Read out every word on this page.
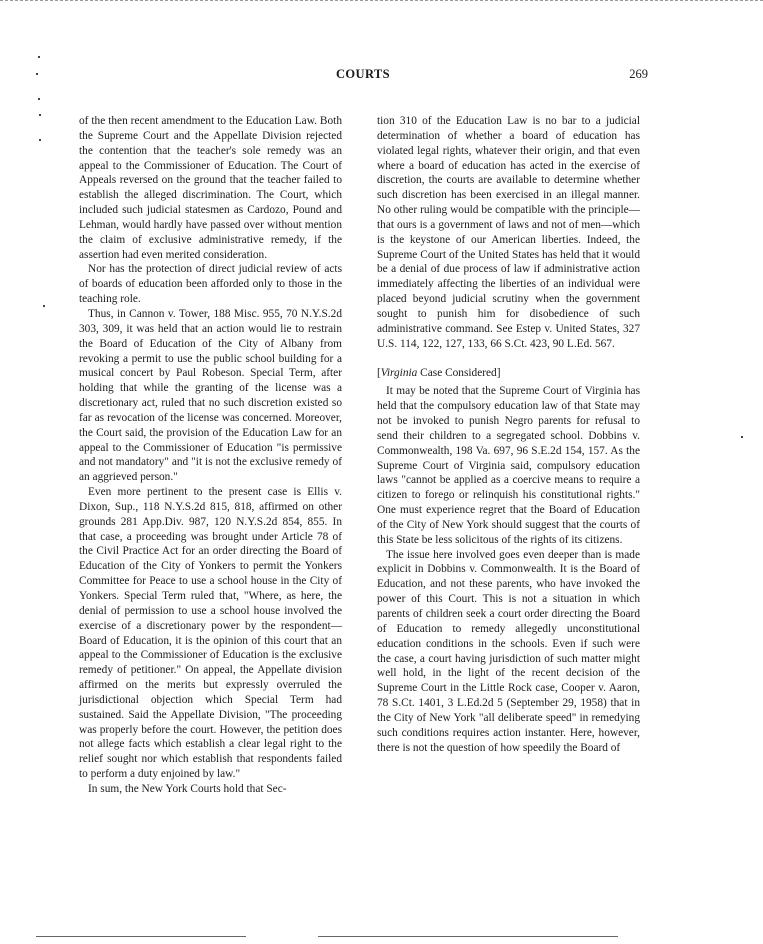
COURTS	269

of the then recent amendment to the Education Law. Both the Supreme Court and the Appellate Division rejected the contention that the teacher's sole remedy was an appeal to the Commissioner of Education. The Court of Appeals reversed on the ground that the teacher failed to establish the alleged discrimination. The Court, which included such judicial statesmen as Cardozo, Pound and Lehman, would hardly have passed over without mention the claim of exclusive administrative remedy, if the assertion had even merited consideration.

Nor has the protection of direct judicial review of acts of boards of education been afforded only to those in the teaching role.

Thus, in Cannon v. Tower, 188 Misc. 955, 70 N.Y.S.2d 303, 309, it was held that an action would lie to restrain the Board of Education of the City of Albany from revoking a permit to use the public school building for a musical concert by Paul Robeson. Special Term, after holding that while the granting of the license was a discretionary act, ruled that no such discretion existed so far as revocation of the license was concerned. Moreover, the Court said, the provision of the Education Law for an appeal to the Commissioner of Education "is permissive and not mandatory" and "it is not the exclusive remedy of an aggrieved person."

Even more pertinent to the present case is Ellis v. Dixon, Sup., 118 N.Y.S.2d 815, 818, affirmed on other grounds 281 App.Div. 987, 120 N.Y.S.2d 854, 855. In that case, a proceeding was brought under Article 78 of the Civil Practice Act for an order directing the Board of Education of the City of Yonkers to permit the Yonkers Committee for Peace to use a school house in the City of Yonkers. Special Term ruled that, "Where, as here, the denial of permission to use a school house involved the exercise of a discretionary power by the respondent—Board of Education, it is the opinion of this court that an appeal to the Commissioner of Education is the exclusive remedy of petitioner." On appeal, the Appellate division affirmed on the merits but expressly overruled the jurisdictional objection which Special Term had sustained. Said the Appellate Division, "The proceeding was properly before the court. However, the petition does not allege facts which establish a clear legal right to the relief sought nor which establish that respondents failed to perform a duty enjoined by law."

In sum, the New York Courts hold that Sec-

tion 310 of the Education Law is no bar to a judicial determination of whether a board of education has violated legal rights, whatever their origin, and that even where a board of education has acted in the exercise of discretion, the courts are available to determine whether such discretion has been exercised in an illegal manner. No other ruling would be compatible with the principle—that ours is a government of laws and not of men—which is the keystone of our American liberties. Indeed, the Supreme Court of the United States has held that it would be a denial of due process of law if administrative action immediately affecting the liberties of an individual were placed beyond judicial scrutiny when the government sought to punish him for disobedience of such administrative command. See Estep v. United States, 327 U.S. 114, 122, 127, 133, 66 S.Ct. 423, 90 L.Ed. 567.

[Virginia Case Considered]

It may be noted that the Supreme Court of Virginia has held that the compulsory education law of that State may not be invoked to punish Negro parents for refusal to send their children to a segregated school. Dobbins v. Commonwealth, 198 Va. 697, 96 S.E.2d 154, 157. As the Supreme Court of Virginia said, compulsory education laws "cannot be applied as a coercive means to require a citizen to forego or relinquish his constitutional rights." One must experience regret that the Board of Education of the City of New York should suggest that the courts of this State be less solicitous of the rights of its citizens.

The issue here involved goes even deeper than is made explicit in Dobbins v. Commonwealth. It is the Board of Education, and not these parents, who have invoked the power of this Court. This is not a situation in which parents of children seek a court order directing the Board of Education to remedy allegedly unconstitutional education conditions in the schools. Even if such were the case, a court having jurisdiction of such matter might well hold, in the light of the recent decision of the Supreme Court in the Little Rock case, Cooper v. Aaron, 78 S.Ct. 1401, 3 L.Ed.2d 5 (September 29, 1958) that in the City of New York "all deliberate speed" in remedying such conditions requires action instanter. Here, however, there is not the question of how speedily the Board of
